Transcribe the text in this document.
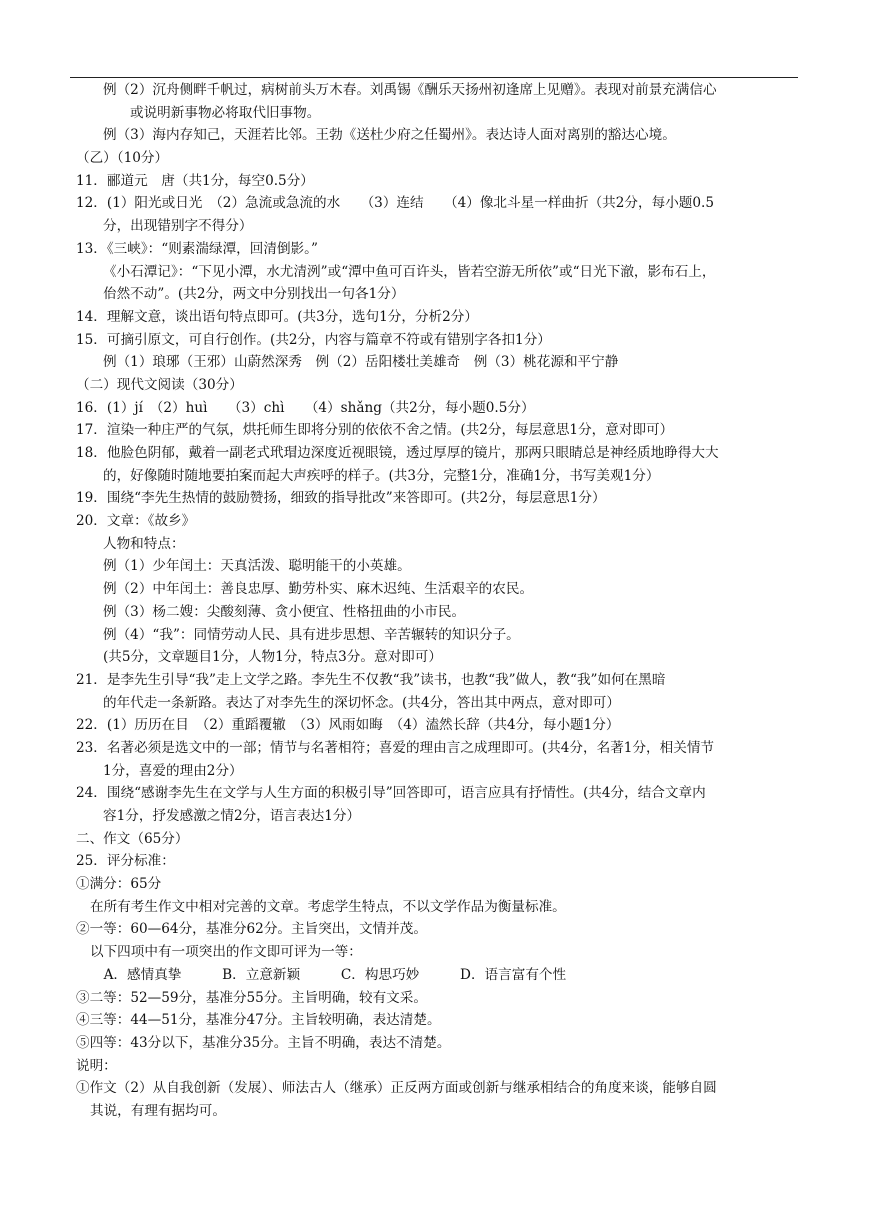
例（2）沉舟侧畔千帆过，病树前头万木春。刘禹锡《酬乐天扬州初逢席上见赠》。表现对前景充满信心
或说明新事物必将取代旧事物。
例（3）海内存知己，天涯若比邻。王勃《送杜少府之任蜀州》。表达诗人面对离别的豁达心境。
（乙）（10分）
11．郦道元　唐（共1分，每空0.5分）
12．(1）阳光或日光　（2）急流或急流的水　　（3）连结　　（4）像北斗星一样曲折（共2分，每小题0.5
分，出现错别字不得分）
13．《三峡》：“则素湍绿潭，回清倒影。”
《小石潭记》：“下见小潭，水尤清洌”或“潭中鱼可百许头，皆若空游无所依”或“日光下澈，影布石上，
佁然不动”。(共2分，两文中分别找出一句各1分）
14．理解文意，谈出语句特点即可。(共3分，选句1分，分析2分）
15．可摘引原文，可自行创作。(共2分，内容与篇章不符或有错别字各扣1分）
例（1）琅琊（王邪）山蔚然深秀　例（2）岳阳楼壮美雄奇　例（3）桃花源和平宁静
（二）现代文阅读（30分）
16．(1）jí　（2）huì　　（3）chì　　（4）shǎng（共2分，每小题0.5分）
17．渲染一种庄严的气氛，烘托师生即将分别的依依不舍之情。(共2分，每层意思1分，意对即可）
18．他脸色阴郁，戴着一副老式玳瑁边深度近视眼镜，透过厚厚的镜片，那两只眼睛总是神经质地睁得大大
的，好像随时随地要拍案而起大声疾呼的样子。(共3分，完整1分，准确1分，书写美观1分）
19．围绕“李先生热情的鼓励赞扬，细致的指导批改”来答即可。(共2分，每层意思1分）
20．文章：《故乡》
人物和特点：
例（1）少年闰土：天真活泼、聪明能干的小英雄。
例（2）中年闰土：善良忠厚、勤劳朴实、麻木迟纯、生活艰辛的农民。
例（3）杨二嫂：尖酸刻薄、贪小便宜、性格扭曲的小市民。
例（4）“我”：同情劳动人民、具有进步思想、辛苦辗转的知识分子。
(共5分，文章题目1分，人物1分，特点3分。意对即可）
21．是李先生引导“我”走上文学之路。李先生不仅教“我”读书，也教“我”做人，教“我”如何在黑暗
的年代走一条新路。表达了对李先生的深切怀念。(共4分，答出其中两点，意对即可）
22．(1）历历在目　（2）重蹈覆辙　（3）风雨如晦　（4）溘然长辞（共4分，每小题1分）
23．名著必须是选文中的一部；情节与名著相符；喜爱的理由言之成理即可。(共4分，名著1分，相关情节
1分，喜爱的理由2分）
24．围绕“感谢李先生在文学与人生方面的积极引导”回答即可，语言应具有抒情性。(共4分，结合文章内
容1分，抒发感激之情2分，语言表达1分）
二、作文（65分）
25．评分标准：
①满分：65分
在所有考生作文中相对完善的文章。考虑学生特点，不以文学作品为衡量标准。
②一等：60—64分，基准分62分。主旨突出，文情并茂。
以下四项中有一项突出的作文即可评为一等：
　A．感情真挚　　　B．立意新颖　　　C．构思巧妙　　　D．语言富有个性
③二等：52—59分，基准分55分。主旨明确，较有文采。
④三等：44—51分，基准分47分。主旨较明确，表达清楚。
⑤四等：43分以下，基准分35分。主旨不明确，表达不清楚。
说明：
①作文（2）从自我创新（发展）、师法古人（继承）正反两方面或创新与继承相结合的角度来谈，能够自圆
其说，有理有据均可。
